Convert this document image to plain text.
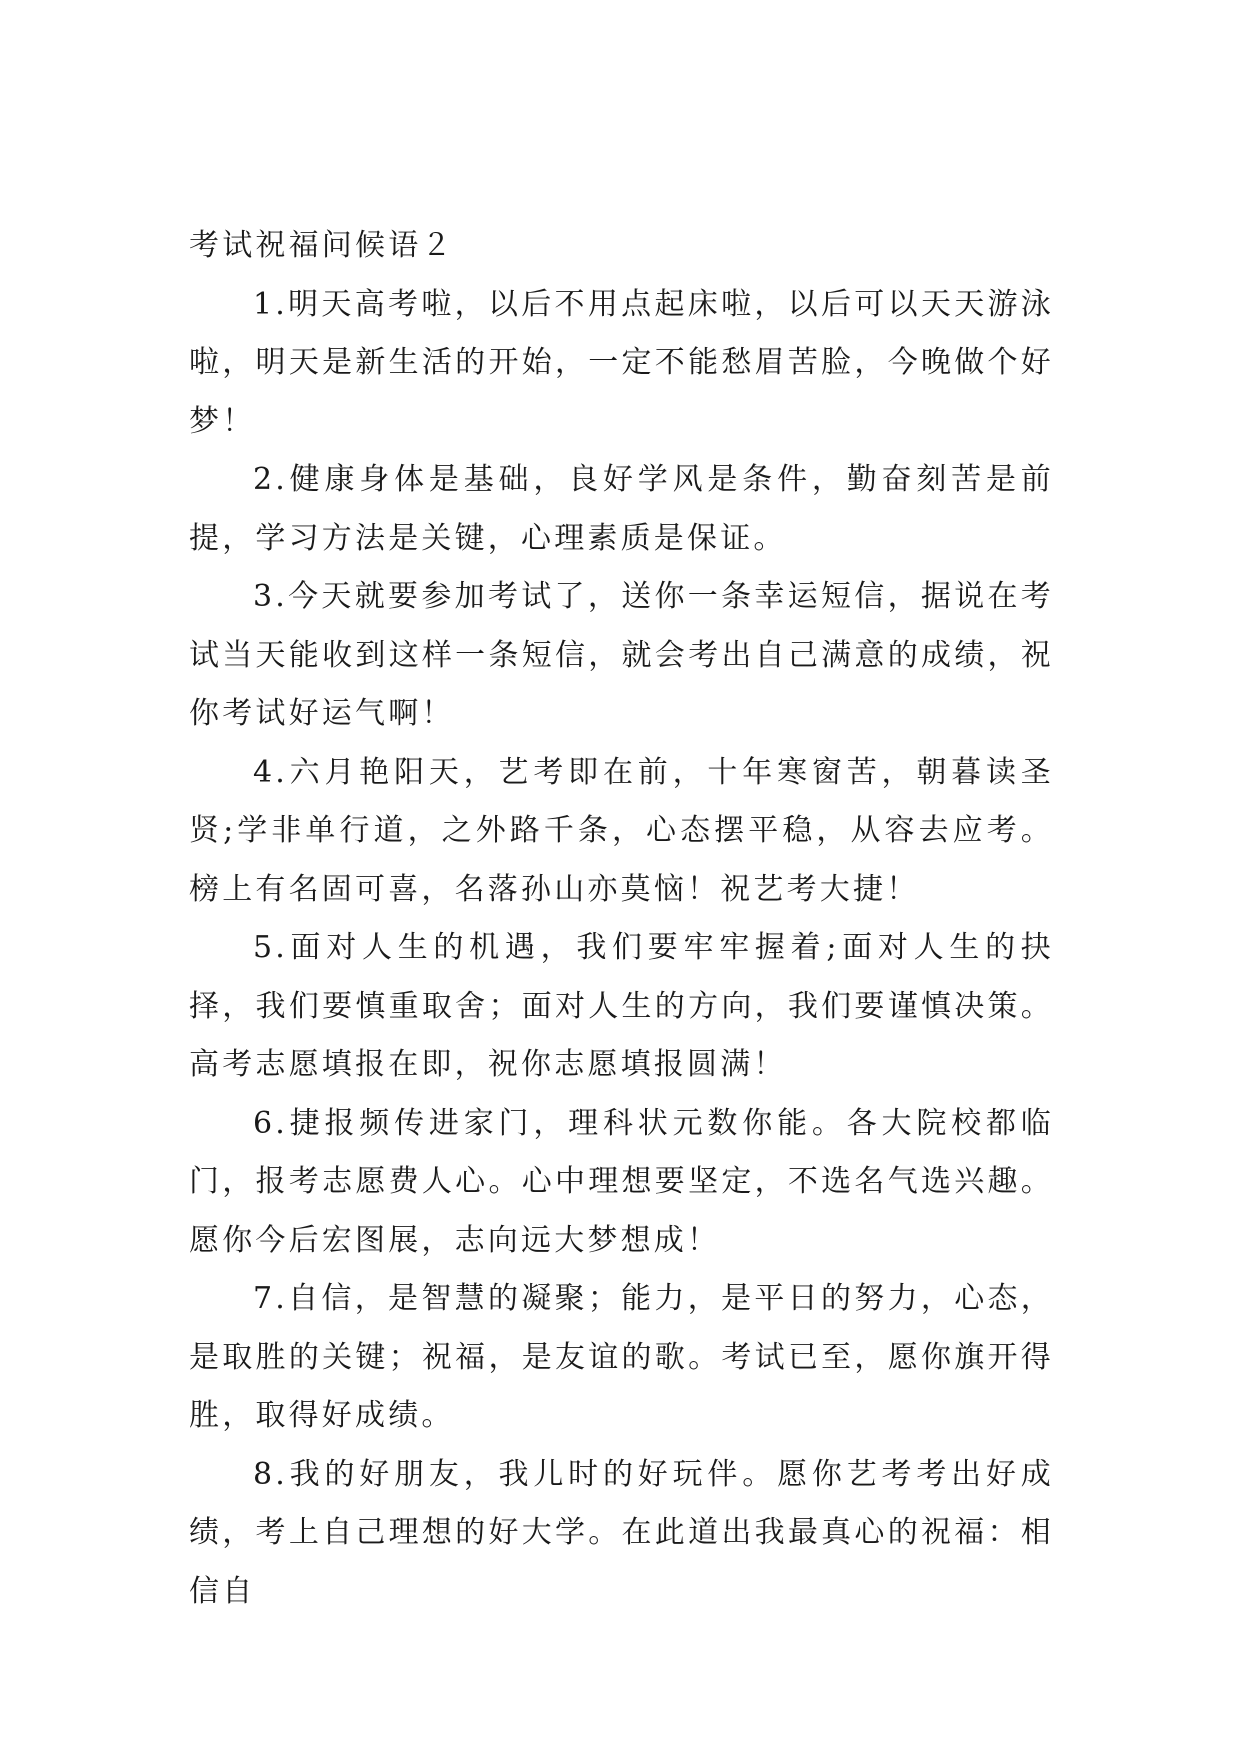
考试祝福问候语２

1.明天高考啦，以后不用点起床啦，以后可以天天游泳啦，明天是新生活的开始，一定不能愁眉苦脸，今晚做个好梦！

2.健康身体是基础，良好学风是条件，勤奋刻苦是前提，学习方法是关键，心理素质是保证。

3.今天就要参加考试了，送你一条幸运短信，据说在考试当天能收到这样一条短信，就会考出自己满意的成绩，祝你考试好运气啊！

4.六月艳阳天，艺考即在前，十年寒窗苦，朝暮读圣贤;学非单行道，之外路千条，心态摆平稳，从容去应考。榜上有名固可喜，名落孙山亦莫恼！祝艺考大捷！

5.面对人生的机遇，我们要牢牢握着;面对人生的抉择，我们要慎重取舍；面对人生的方向，我们要谨慎决策。高考志愿填报在即，祝你志愿填报圆满！

6.捷报频传进家门，理科状元数你能。各大院校都临门，报考志愿费人心。心中理想要坚定，不选名气选兴趣。愿你今后宏图展，志向远大梦想成！

7.自信，是智慧的凝聚；能力，是平日的努力，心态，是取胜的关键；祝福，是友谊的歌。考试已至，愿你旗开得胜，取得好成绩。

8.我的好朋友，我儿时的好玩伴。愿你艺考考出好成绩，考上自己理想的好大学。在此道出我最真心的祝福：相信自
